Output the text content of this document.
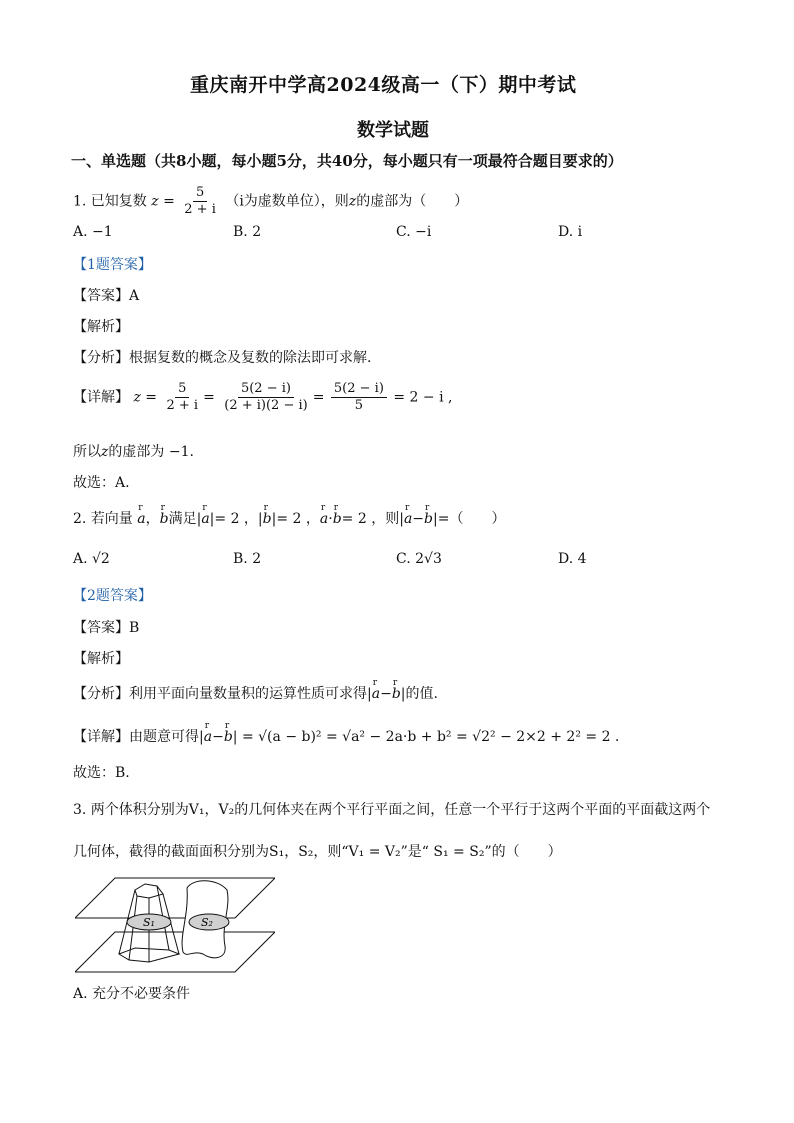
重庆南开中学高2024级高一（下）期中考试
数学试题
一、单选题（共8小题，每小题5分，共40分，每小题只有一项最符合题目要求的）
1. 已知复数 $z = \frac{5}{2 + i} (i$为虚数单位），则z的虚部为（　　）
A. −1	B. 2	C. −i	D. i
【1题答案】
【答案】A
【解析】
【分析】根据复数的概念及复数的除法即可求解.
【详解】 $z = \frac{5}{2 + i} = \frac{5(2 - i)}{(2 + i)(2 - i)} = \frac{5(2 - i)}{5} = 2 - i$ ,
所以z的虚部为 −1.
故选：A.
2. 若向量 r a，r b满足|r a|= 2 ，|r b|= 2 ，r a·r b= 2 ，则|r a−r b|=（　　）
A. √2	B. 2	C. 2√3	D. 4
【2题答案】
【答案】B
【解析】
【分析】利用平面向量数量积的运算性质可求得|r a−r b|的值.
【详解】由题意可得|r a−r b| = √(a − b)² = √a² − 2a·b + b² = √2² − 2×2 + 2² = 2 .
故选：B.
3. 两个体积分别为V₁，V₂的几何体夹在两个平行平面之间，任意一个平行于这两个平面的平面截这两个
几何体，截得的截面面积分别为S₁，S₂，则“V₁ = V₂”是“ S₁ = S₂”的（　　）
S₁	S₂
A. 充分不必要条件
